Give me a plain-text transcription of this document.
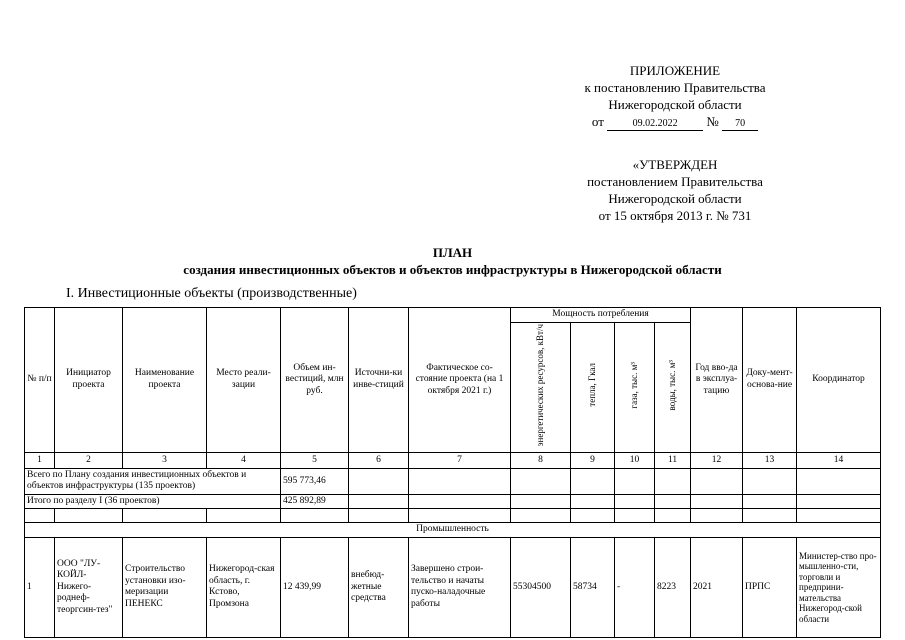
ПРИЛОЖЕНИЕ
к постановлению Правительства
Нижегородской области
от	09.02.2022 № 70
«УТВЕРЖДЕН
постановлением Правительства
Нижегородской области
от 15 октября 2013 г. № 731
ПЛАН
создания инвестиционных объектов и объектов инфраструктуры в Нижегородской области
I. Инвестиционные объекты (производственные)
№ п/п	Инициатор проекта	Наименование проекта	Место реали-зации	Объем ин-вестиций, млн руб.	Источни-ки инве-стиций	Фактическое со-стояние проекта (на 1 октября 2021 г.)	Мощность потребления				Год вво-да в эксплуа-тацию	Доку-мент-основа-ние	Координатор
							энергетических ресурсов, кВт/ч	тепла, Гкал	газа, тыс. м³	воды, тыс. м³			
1	2	3	4	5	6	7	8	9	10	11	12	13	14
Всего по Плану создания инвестиционных объектов и объектов инфраструктуры (135 проектов)				595 773,46									
Итого по разделу I (36 проектов)				425 892,89									

Промышленность													
1	ООО "ЛУ-КОЙЛ-Нижего-роднеф-теоргсин-тез"	Строительство установки изо-меризации ПЕНЕКС	Нижегород-ская область, г. Кстово, Промзона	12 439,99	внебюд-жетные средства	Завершено строи-тельство и начаты пуско-наладочные работы	55304500	58734	-	8223	2021	ПРПС	Министер-ство про-мышленно-сти, торговли и предприни-мательства Нижегород-ской области
